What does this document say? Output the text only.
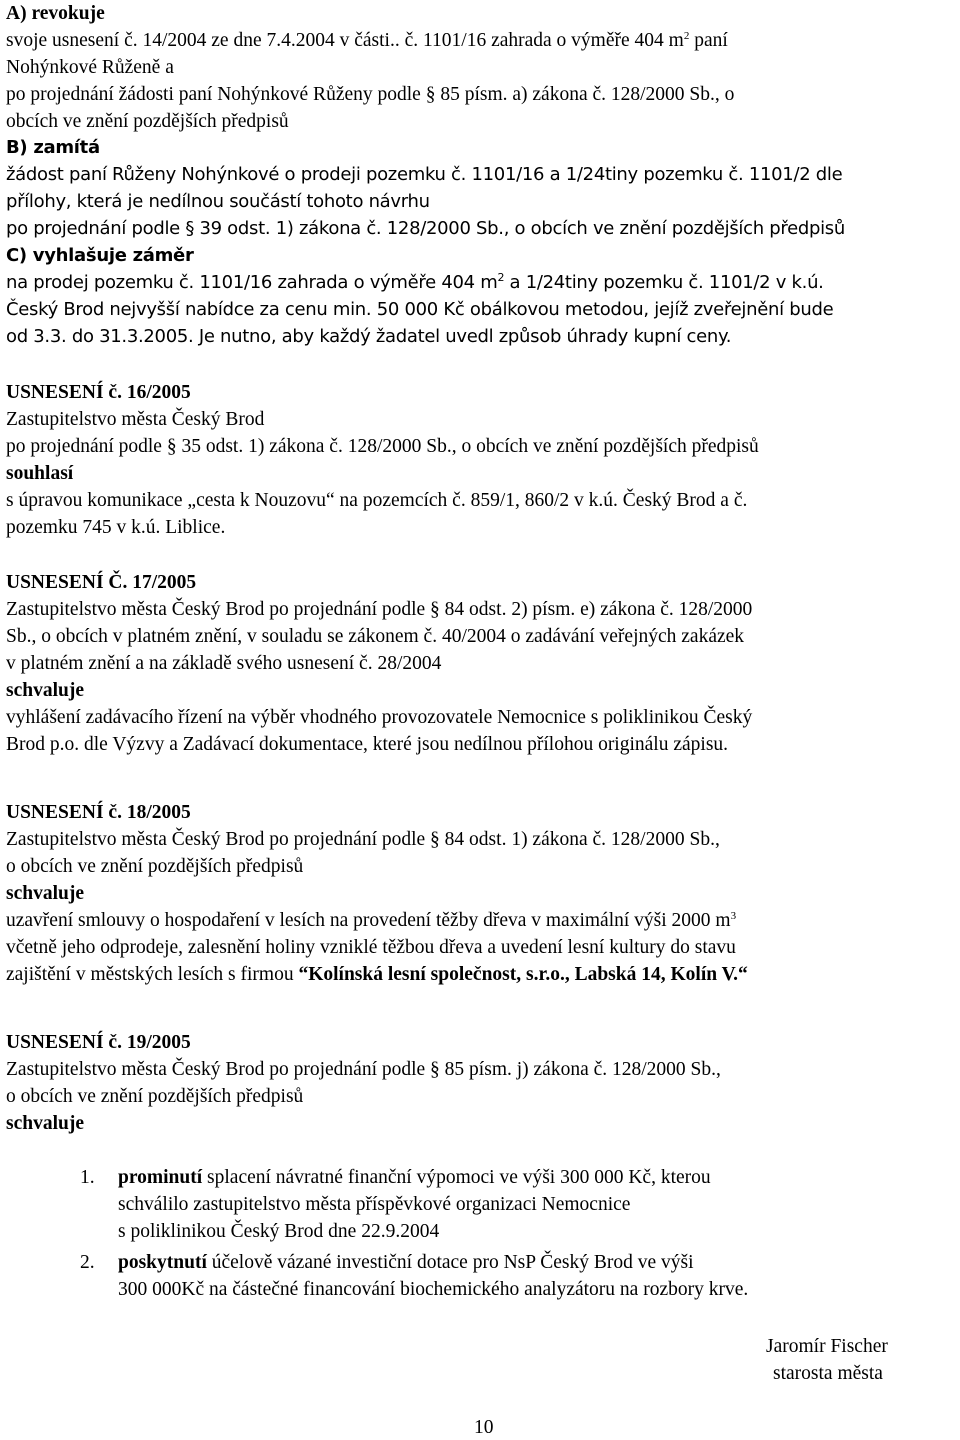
A) revokuje
svoje usnesení č. 14/2004 ze dne 7.4.2004 v části.. č. 1101/16 zahrada o výměře 404 $m^2$ paní
Nohýnkové Růženě a
po projednání žádosti paní Nohýnkové Růženy podle § 85 písm. a) zákona č. 128/2000 Sb., o
obcích ve znění pozdějších předpisů
B) zamítá
žádost paní Růženy Nohýnkové o prodeji pozemku č. 1101/16 a 1/24tiny pozemku č. 1101/2 dle
přílohy, která je nedílnou součástí tohoto návrhu
po projednání podle § 39 odst. 1) zákona č. 128/2000 Sb., o obcích ve znění pozdějších předpisů
C) vyhlašuje záměr
na prodej pozemku č. 1101/16 zahrada o výměře 404 $m^2$ a 1/24tiny pozemku č. 1101/2 v k.ú.
Český Brod nejvyšší nabídce za cenu min. 50 000 Kč obálkovou metodou, jejíž zveřejnění bude
od 3.3. do 31.3.2005. Je nutno, aby každý žadatel uvedl způsob úhrady kupní ceny.
USNESENÍ č. 16/2005
Zastupitelstvo města Český Brod
po projednání podle § 35 odst. 1) zákona č. 128/2000 Sb., o obcích ve znění pozdějších předpisů
souhlasí
s úpravou komunikace „cesta k Nouzovu“ na pozemcích č. 859/1, 860/2 v k.ú. Český Brod a č.
pozemku 745 v k.ú. Liblice.
USNESENÍ Č. 17/2005
Zastupitelstvo města Český Brod po projednání podle § 84 odst. 2) písm. e) zákona č. 128/2000
Sb., o obcích v platném znění, v souladu se zákonem č. 40/2004 o zadávání veřejných zakázek
v platném znění a na základě svého usnesení č. 28/2004
schvaluje
vyhlášení zadávacího řízení na výběr vhodného provozovatele Nemocnice s poliklinikou Český
Brod p.o. dle Výzvy a Zadávací dokumentace, které jsou nedílnou přílohou originálu zápisu.
USNESENÍ č. 18/2005
Zastupitelstvo města Český Brod po projednání podle § 84 odst. 1) zákona č. 128/2000 Sb.,
o obcích ve znění pozdějších předpisů
schvaluje
uzavření smlouvy o hospodaření v lesích na provedení těžby dřeva v maximální výši 2000 $m^3$
včetně jeho odprodeje, zalesnění holiny vzniklé těžbou dřeva a uvedení lesní kultury do stavu
zajištění v městských lesích s firmou “Kolínská lesní společnost, s.r.o., Labská 14, Kolín V.“
USNESENÍ č. 19/2005
Zastupitelstvo města Český Brod po projednání podle § 85 písm. j) zákona č. 128/2000 Sb.,
o obcích ve znění pozdějších předpisů
schvaluje
1. prominutí splacení návratné finanční výpomoci ve výši 300 000 Kč, kterou
schválilo zastupitelstvo města příspěvkové organizaci Nemocnice
s poliklinikou Český Brod dne 22.9.2004
2. poskytnutí účelově vázané investiční dotace pro NsP Český Brod ve výši
300 000Kč na částečné financování biochemického analyzátoru na rozbory krve.
Jaromír Fischer
starosta města
10
